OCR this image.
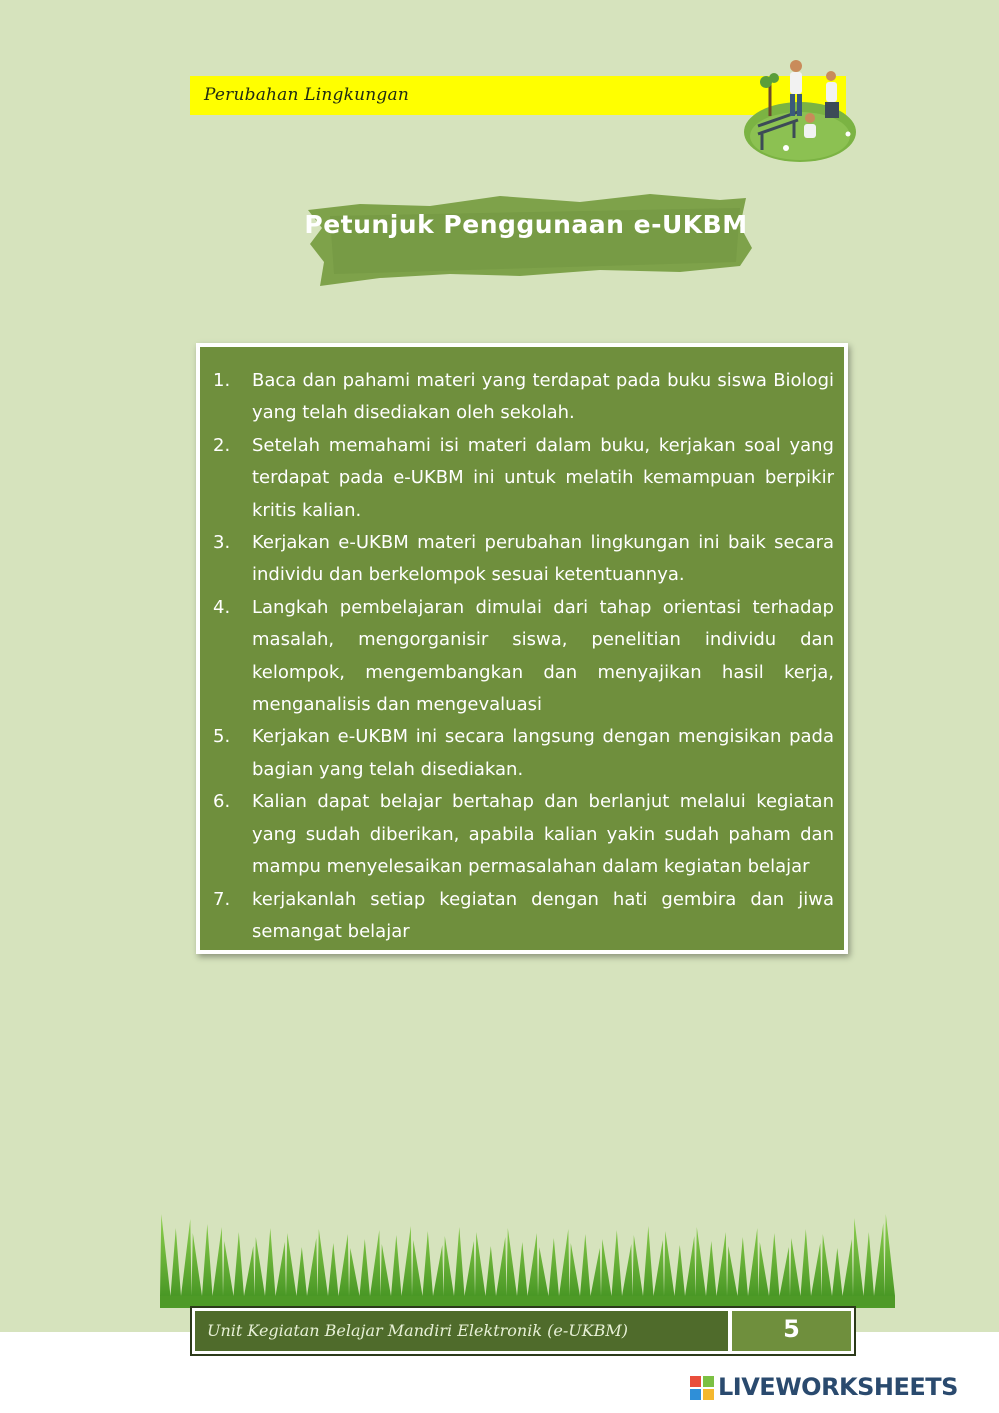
Perubahan Lingkungan
Petunjuk Penggunaan e-UKBM
1.	Baca dan pahami materi yang terdapat pada buku siswa Biologi yang telah disediakan oleh sekolah.
2.	Setelah memahami isi materi dalam buku, kerjakan soal yang terdapat pada e-UKBM ini untuk melatih kemampuan berpikir kritis kalian.
3.	Kerjakan e-UKBM materi perubahan lingkungan ini baik secara individu dan berkelompok sesuai ketentuannya.
4.	Langkah pembelajaran dimulai dari tahap orientasi terhadap masalah, mengorganisir siswa, penelitian individu dan kelompok, mengembangkan dan menyajikan hasil kerja, menganalisis dan mengevaluasi
5.	Kerjakan e-UKBM ini secara langsung dengan mengisikan pada bagian yang telah disediakan.
6.	Kalian dapat belajar bertahap dan berlanjut melalui kegiatan yang sudah diberikan, apabila kalian yakin sudah paham dan mampu menyelesaikan permasalahan dalam kegiatan belajar
7.	kerjakanlah setiap kegiatan dengan hati gembira dan jiwa semangat belajar
Unit Kegiatan Belajar Mandiri Elektronik (e-UKBM)	5
LIVEWORKSHEETS
